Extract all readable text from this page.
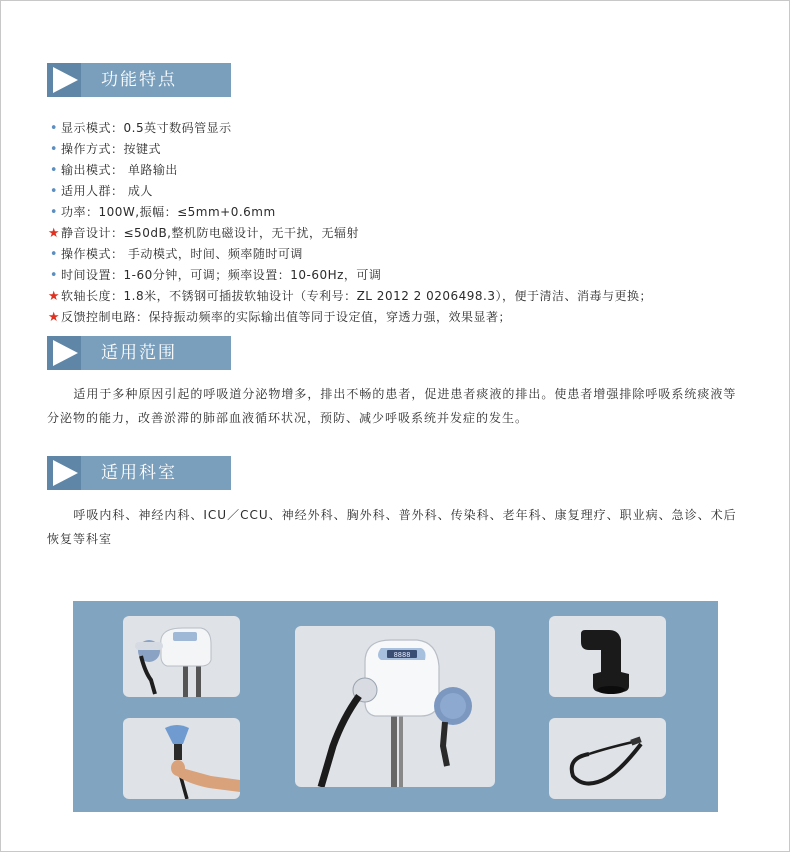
功能特点
• 显示模式：0.5英寸数码管显示
• 操作方式：按键式
• 输出模式： 单路输出
• 适用人群： 成人
• 功率：100W,振幅：≤5mm+0.6mm
★静音设计：≤50dB,整机防电磁设计，无干扰，无辐射
• 操作模式： 手动模式，时间、频率随时可调
• 时间设置：1-60分钟，可调；频率设置：10-60Hz，可调
★软轴长度：1.8米，不锈钢可插拔软轴设计（专利号：ZL 2012 2 0206498.3），便于清洁、消毒与更换；
★反馈控制电路：保持振动频率的实际输出值等同于设定值，穿透力强，效果显著；
适用范围

适用于多种原因引起的呼吸道分泌物增多，排出不畅的患者，促进患者痰液的排出。使患者增强排除呼吸系统痰液等分泌物的能力，改善淤滞的肺部血液循环状况，预防、减少呼吸系统并发症的发生。

适用科室

呼吸内科、神经内科、ICU／CCU、神经外科、胸外科、普外科、传染科、老年科、康复理疗、职业病、急诊、术后恢复等科室

8888
